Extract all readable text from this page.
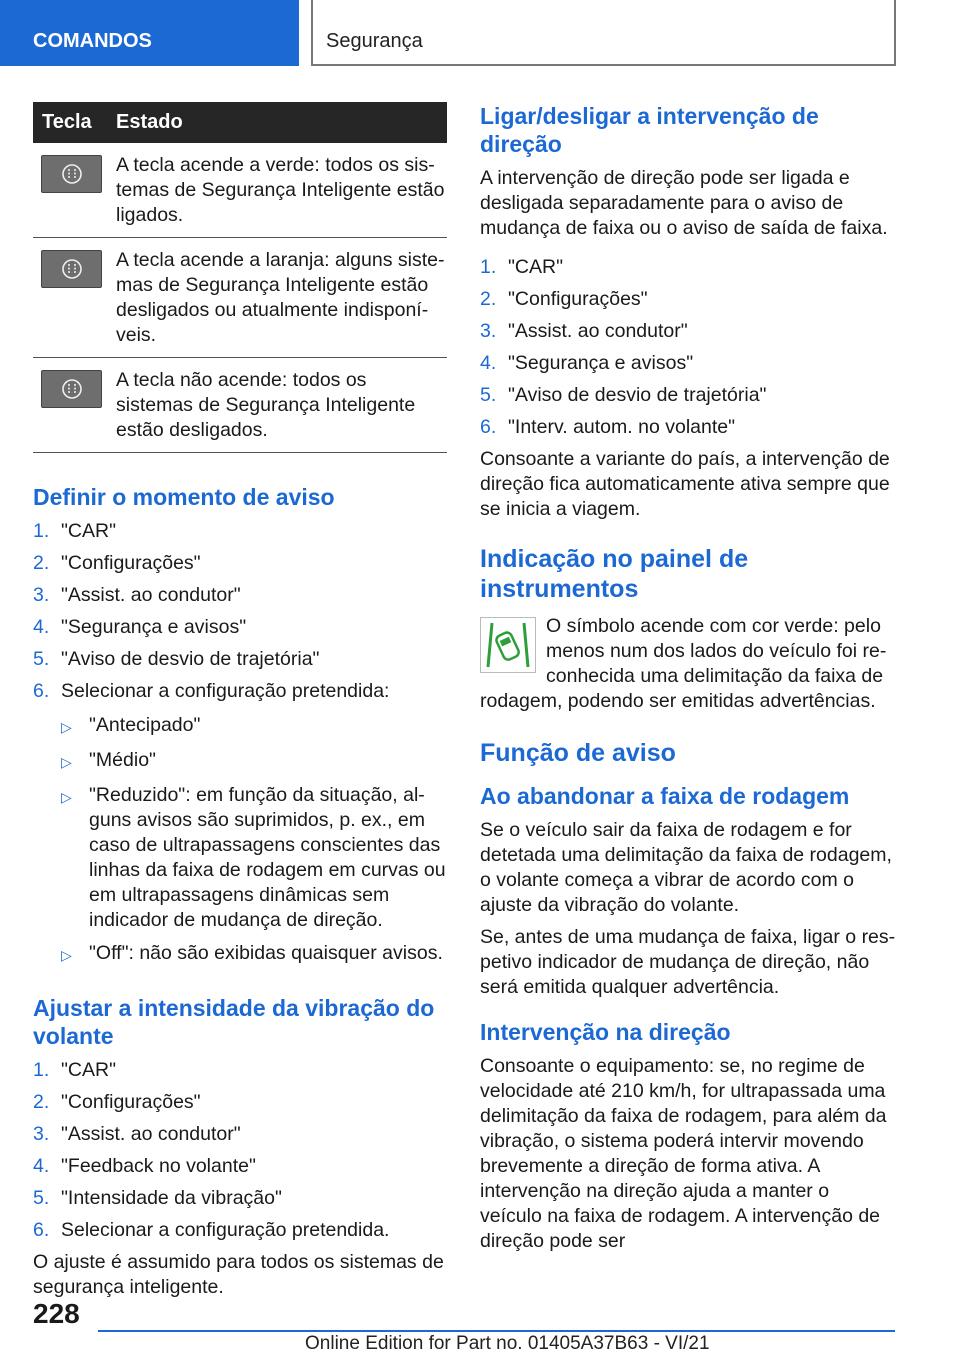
COMANDOS	Segurança
Tecla	Estado
A tecla acende a verde: todos os sistemas de Segurança Inteligente estão ligados.
A tecla acende a laranja: alguns sistemas de Segurança Inteligente estão desligados ou atualmente indisponíveis.
A tecla não acende: todos os sistemas de Segurança Inteligente estão desligados.
Definir o momento de aviso
1. "CAR"
2. "Configurações"
3. "Assist. ao condutor"
4. "Segurança e avisos"
5. "Aviso de desvio de trajetória"
6. Selecionar a configuração pretendida:
▷ "Antecipado"
▷ "Médio"
▷ "Reduzido": em função da situação, alguns avisos são suprimidos, p. ex., em caso de ultrapassagens conscientes das linhas da faixa de rodagem em curvas ou em ultrapassagens dinâmicas sem indicador de mudança de direção.
▷ "Off": não são exibidas quaisquer avisos.
Ajustar a intensidade da vibração do volante
1. "CAR"
2. "Configurações"
3. "Assist. ao condutor"
4. "Feedback no volante"
5. "Intensidade da vibração"
6. Selecionar a configuração pretendida.

O ajuste é assumido para todos os sistemas de segurança inteligente.

Ligar/desligar a intervenção de direção

A intervenção de direção pode ser ligada e desligada separadamente para o aviso de mudança de faixa ou o aviso de saída de faixa.

1. "CAR"
2. "Configurações"
3. "Assist. ao condutor"
4. "Segurança e avisos"
5. "Aviso de desvio de trajetória"
6. "Interv. autom. no volante"

Consoante a variante do país, a intervenção de direção fica automaticamente ativa sempre que se inicia a viagem.

Indicação no painel de instrumentos
O símbolo acende com cor verde: pelo menos num dos lados do veículo foi reconhecida uma delimitação da faixa de rodagem, podendo ser emitidas advertências.
Função de aviso
Ao abandonar a faixa de rodagem

Se o veículo sair da faixa de rodagem e for detetada uma delimitação da faixa de rodagem, o volante começa a vibrar de acordo com o ajuste da vibração do volante.

Se, antes de uma mudança de faixa, ligar o respetivo indicador de mudança de direção, não será emitida qualquer advertência.

Intervenção na direção

Consoante o equipamento: se, no regime de velocidade até 210 km/h, for ultrapassada uma delimitação da faixa de rodagem, para além da vibração, o sistema poderá intervir movendo brevemente a direção de forma ativa. A intervenção na direção ajuda a manter o veículo na faixa de rodagem. A intervenção de direção pode ser

228
Online Edition for Part no. 01405A37B63 - VI/21
